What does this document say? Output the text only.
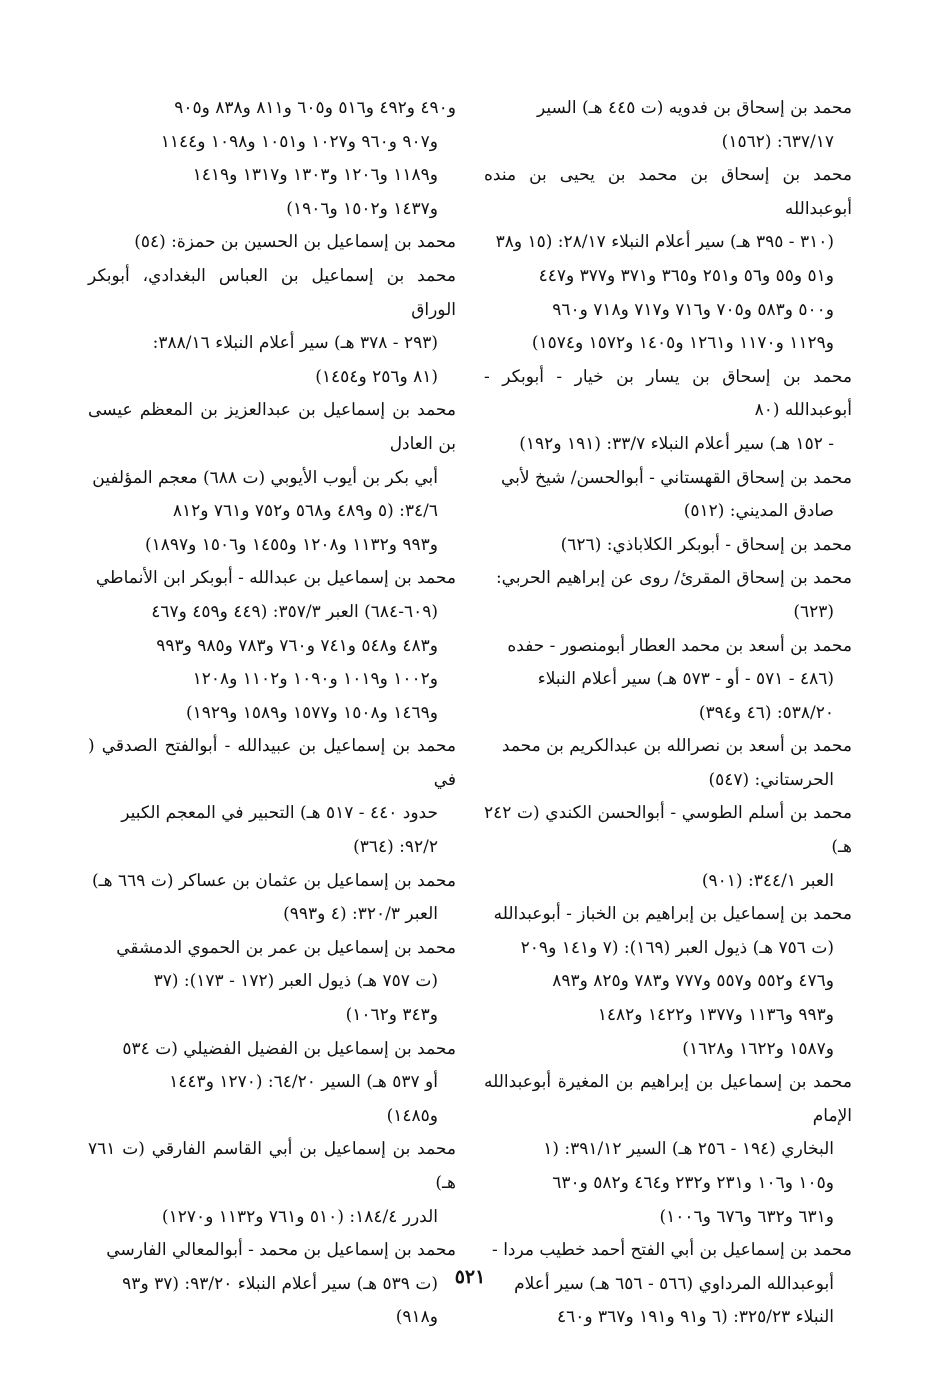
محمد بن إسحاق بن فدويه (ت ٤٤٥ هـ) السير
٦٣٧/١٧: (١٥٦٢)
محمد بن إسحاق بن محمد بن يحيى بن منده أبوعبدالله
(٣١٠ - ٣٩٥ هـ) سير أعلام النبلاء ٢٨/١٧: (١٥ و٣٨
و٥١ و٥٥ و٥٦ و٢٥١ و٣٦٥ و٣٧١ و٣٧٧ و٤٤٧
و٥٠٠ و٥٨٣ و٧٠٥ و٧١٦ و٧١٧ و٧١٨ و٩٦٠
و١١٢٩ و١١٧٠ و١٢٦١ و١٤٠٥ و١٥٧٢ و١٥٧٤)
محمد بن إسحاق بن يسار بن خيار - أبوبكر - أبوعبدالله (٨٠
- ١٥٢ هـ) سير أعلام النبلاء ٣٣/٧: (١٩١ و١٩٢)
محمد بن إسحاق القهستاني - أبوالحسن/ شيخ لأبي
صادق المديني: (٥١٢)
محمد بن إسحاق - أبوبكر الكلاباذي: (٦٢٦)
محمد بن إسحاق المقرئ/ روى عن إبراهيم الحربي:
(٦٢٣)
محمد بن أسعد بن محمد العطار أبومنصور - حفده
(٤٨٦ - ٥٧١ - أو - ٥٧٣ هـ) سير أعلام النبلاء
٥٣٨/٢٠: (٤٦ و٣٩٤)
محمد بن أسعد بن نصرالله بن عبدالكريم بن محمد
الحرستاني: (٥٤٧)
محمد بن أسلم الطوسي - أبوالحسن الكندي (ت ٢٤٢ هـ)
العبر ٣٤٤/١: (٩٠١)
محمد بن إسماعيل بن إبراهيم بن الخباز - أبوعبدالله
(ت ٧٥٦ هـ) ذيول العبر (١٦٩): (٧ و١٤١ و٢٠٩
و٤٧٦ و٥٥٢ و٥٥٧ و٧٧٧ و٧٨٣ و٨٢٥ و٨٩٣
و٩٩٣ و١١٣٦ و١٣٧٧ و١٤٢٢ و١٤٨٢
و١٥٨٧ و١٦٢٢ و١٦٢٨)
محمد بن إسماعيل بن إبراهيم بن المغيرة أبوعبدالله الإمام
البخاري (١٩٤ - ٢٥٦ هـ) السير ٣٩١/١٢: (١
و١٠٥ و١٠٦ و٢٣١ و٢٣٢ و٤٦٤ و٥٨٢ و٦٣٠
و٦٣١ و٦٣٢ و٦٧٦ و١٠٠٦)
محمد بن إسماعيل بن أبي الفتح أحمد خطيب مردا -
أبوعبدالله المرداوي (٥٦٦ - ٦٥٦ هـ) سير أعلام
النبلاء ٣٢٥/٢٣: (٦ و٩١ و١٩١ و٣٦٧ و٤٦٠
و٤٩٠ و٤٩٢ و٥١٦ و٦٠٥ و٨١١ و٨٣٨ و٩٠٥
و٩٠٧ و٩٦٠ و١٠٢٧ و١٠٥١ و١٠٩٨ و١١٤٤
و١١٨٩ و١٢٠٦ و١٣٠٣ و١٣١٧ و١٤١٩
و١٤٣٧ و١٥٠٢ و١٩٠٦)
محمد بن إسماعيل بن الحسين بن حمزة: (٥٤)
محمد بن إسماعيل بن العباس البغدادي، أبوبكر الوراق
(٢٩٣ - ٣٧٨ هـ) سير أعلام النبلاء ٣٨٨/١٦:
(٨١ و٢٥٦ و١٤٥٤)
محمد بن إسماعيل بن عبدالعزيز بن المعظم عيسى بن العادل
أبي بكر بن أيوب الأيوبي (ت ٦٨٨) معجم المؤلفين
٣٤/٦: (٥ و٤٨٩ و٥٦٨ و٧٥٢ و٧٦١ و٨١٢
و٩٩٣ و١١٣٢ و١٢٠٨ و١٤٥٥ و١٥٠٦ و١٨٩٧)
محمد بن إسماعيل بن عبدالله - أبوبكر ابن الأنماطي
(٦٠٩-٦٨٤) العبر ٣٥٧/٣: (٤٤٩ و٤٥٩ و٤٦٧
و٤٨٣ و٥٤٨ و٧٤١ و٧٦٠ و٧٨٣ و٩٨٥ و٩٩٣
و١٠٠٢ و١٠١٩ و١٠٩٠ و١١٠٢ و١٢٠٨
و١٤٦٩ و١٥٠٨ و١٥٧٧ و١٥٨٩ و١٩٢٩)
محمد بن إسماعيل بن عبيدالله - أبوالفتح الصدقي ( في
حدود ٤٤٠ - ٥١٧ هـ) التحبير في المعجم الكبير
٩٢/٢: (٣٦٤)
محمد بن إسماعيل بن عثمان بن عساكر (ت ٦٦٩ هـ)
العبر ٣٢٠/٣: (٤ و٩٩٣)
محمد بن إسماعيل بن عمر بن الحموي الدمشقي
(ت ٧٥٧ هـ) ذيول العبر (١٧٢ - ١٧٣): (٣٧
و٣٤٣ و١٠٦٢)
محمد بن إسماعيل بن الفضيل الفضيلي (ت ٥٣٤
أو ٥٣٧ هـ) السير ٦٤/٢٠: (١٢٧٠ و١٤٤٣
و١٤٨٥)
محمد بن إسماعيل بن أبي القاسم الفارقي (ت ٧٦١ هـ)
الدرر ١٨٤/٤: (٥١٠ و٧٦١ و١١٣٢ و١٢٧٠)
محمد بن إسماعيل بن محمد - أبوالمعالي الفارسي
(ت ٥٣٩ هـ) سير أعلام النبلاء ٩٣/٢٠: (٣٧ و٩٣
و٩١٨)
٥٢١
